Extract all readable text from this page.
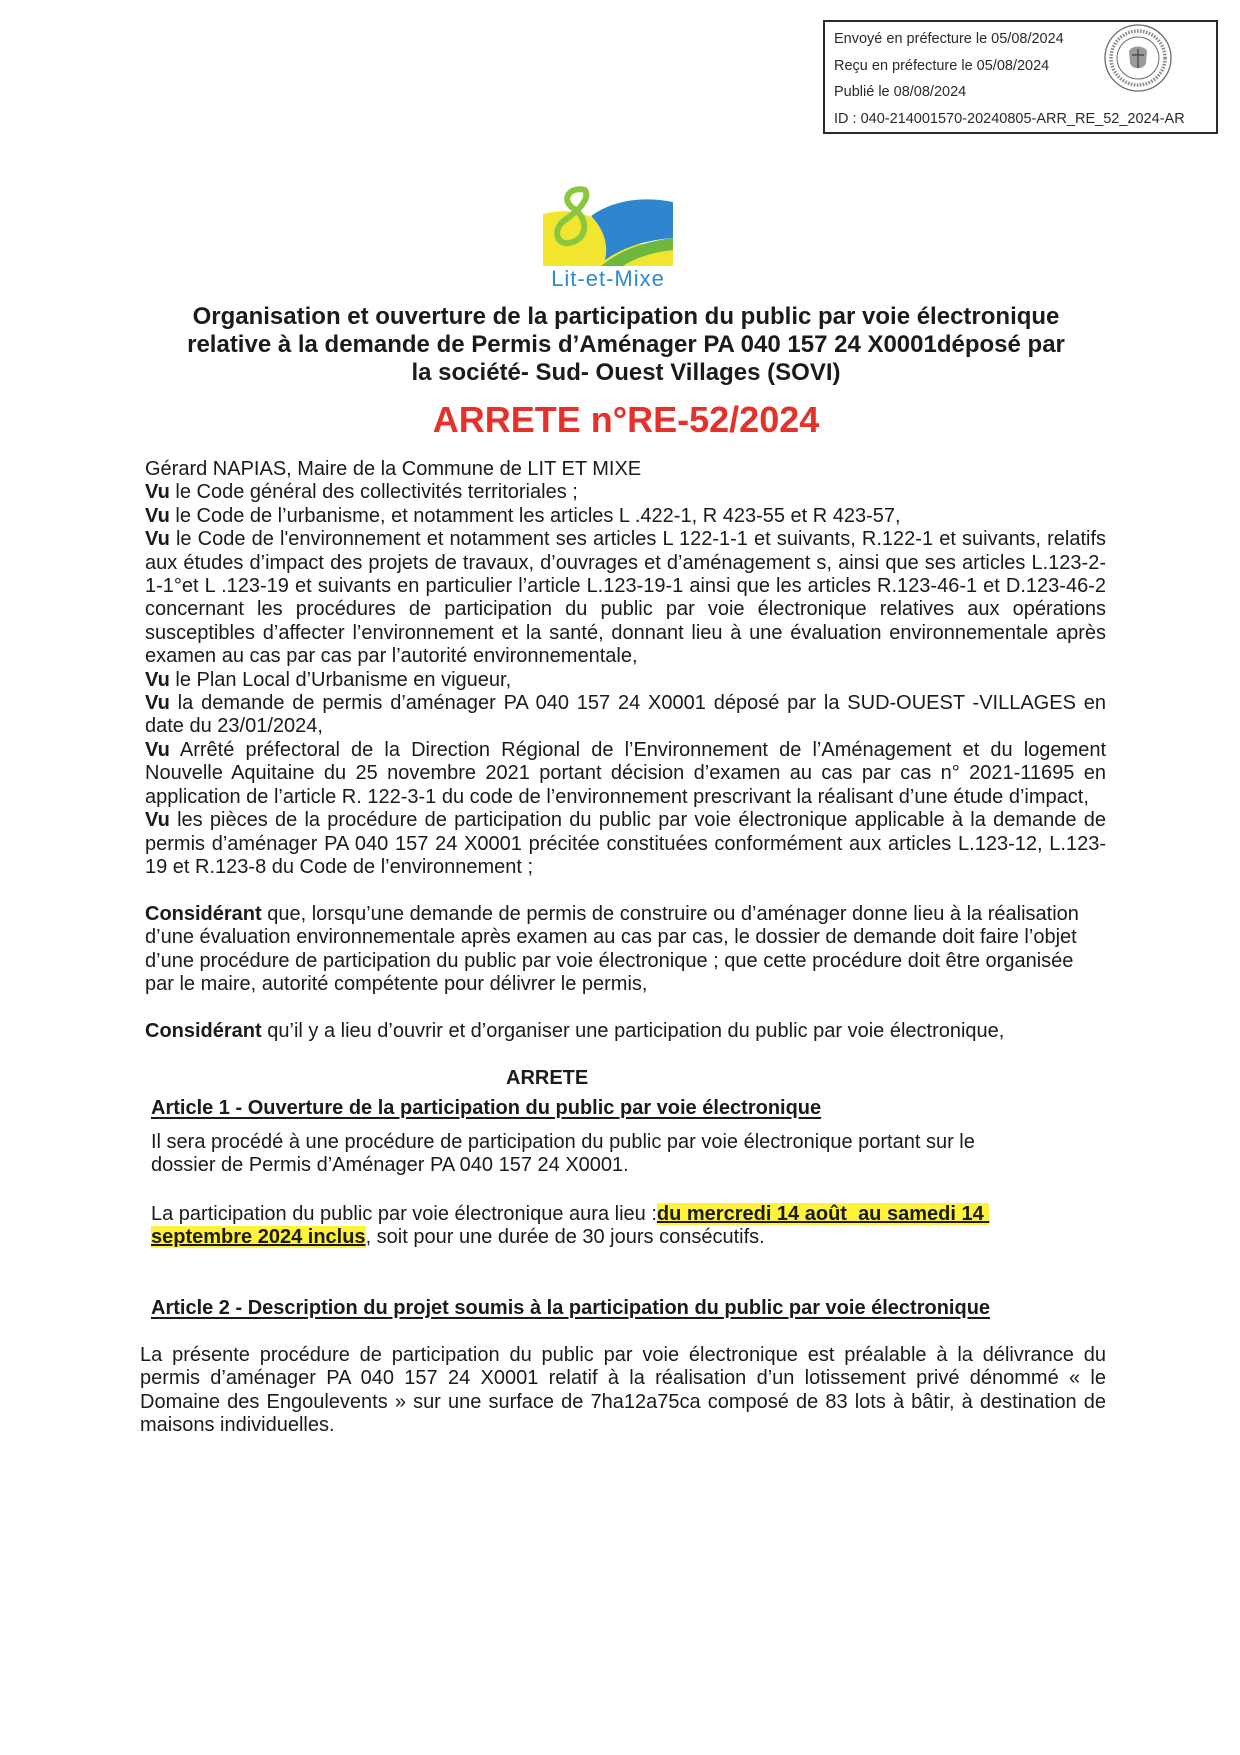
Envoyé en préfecture le 05/08/2024
Reçu en préfecture le 05/08/2024
Publié le 08/08/2024
ID : 040-214001570-20240805-ARR_RE_52_2024-AR
Lit-et-Mixe
Organisation et ouverture de la participation du public par voie électronique
relative à la demande de Permis d’Aménager PA 040 157 24 X0001déposé par
la société- Sud- Ouest Villages (SOVI)
ARRETE n°RE-52/2024

Gérard NAPIAS, Maire de la Commune de LIT ET MIXE

Vu le Code général des collectivités territoriales ;

Vu le Code de l’urbanisme, et notamment les articles L .422-1, R 423-55 et R 423-57,

Vu le Code de l'environnement et notamment ses articles L 122-1-1 et suivants, R.122-1 et suivants, relatifs aux études d’impact des projets de travaux, d’ouvrages et d’aménagement s, ainsi que ses articles L.123-2-1-1°et L .123-19 et suivants en particulier l’article L.123-19-1 ainsi que les articles R.123-46-1 et D.123-46-2 concernant les procédures de participation du public par voie électronique relatives aux opérations susceptibles d’affecter l’environnement et la santé, donnant lieu à une évaluation environnementale après examen au cas par cas par l’autorité environnementale,

Vu le Plan Local d’Urbanisme en vigueur,

Vu la demande de permis d’aménager PA 040 157 24 X0001 déposé par la SUD-OUEST -VILLAGES en date du 23/01/2024,

Vu Arrêté préfectoral de la Direction Régional de l’Environnement de l’Aménagement et du logement Nouvelle Aquitaine du 25 novembre 2021 portant décision d’examen au cas par cas n° 2021-11695 en application de l’article R. 122-3-1 du code de l’environnement prescrivant la réalisant d’une étude d’impact,

Vu les pièces de la procédure de participation du public par voie électronique applicable à la demande de permis d’aménager PA 040 157 24 X0001 précitée constituées conformément aux articles L.123-12, L.123-19 et R.123-8 du Code de l’environnement ;

Considérant que, lorsqu’une demande de permis de construire ou d’aménager donne lieu à la réalisation d’une évaluation environnementale après examen au cas par cas, le dossier de demande doit faire l’objet d’une procédure de participation du public par voie électronique ; que cette procédure doit être organisée par le maire, autorité compétente pour délivrer le permis,

Considérant qu’il y a lieu d’ouvrir et d’organiser une participation du public par voie électronique,

ARRETE

Article 1 - Ouverture de la participation du public par voie électronique

Il sera procédé à une procédure de participation du public par voie électronique portant sur le dossier de Permis d’Aménager PA 040 157 24 X0001.

La participation du public par voie électronique aura lieu :du mercredi 14 août  au samedi 14 septembre 2024 inclus, soit pour une durée de 30 jours consécutifs.

Article 2 - Description du projet soumis à la participation du public par voie électronique

La présente procédure de participation du public par voie électronique est préalable à la délivrance du permis d’aménager PA 040 157 24 X0001 relatif à la réalisation d’un lotissement privé dénommé « le Domaine des Engoulevents » sur une surface de 7ha12a75ca composé de 83 lots à bâtir, à destination de maisons individuelles.
